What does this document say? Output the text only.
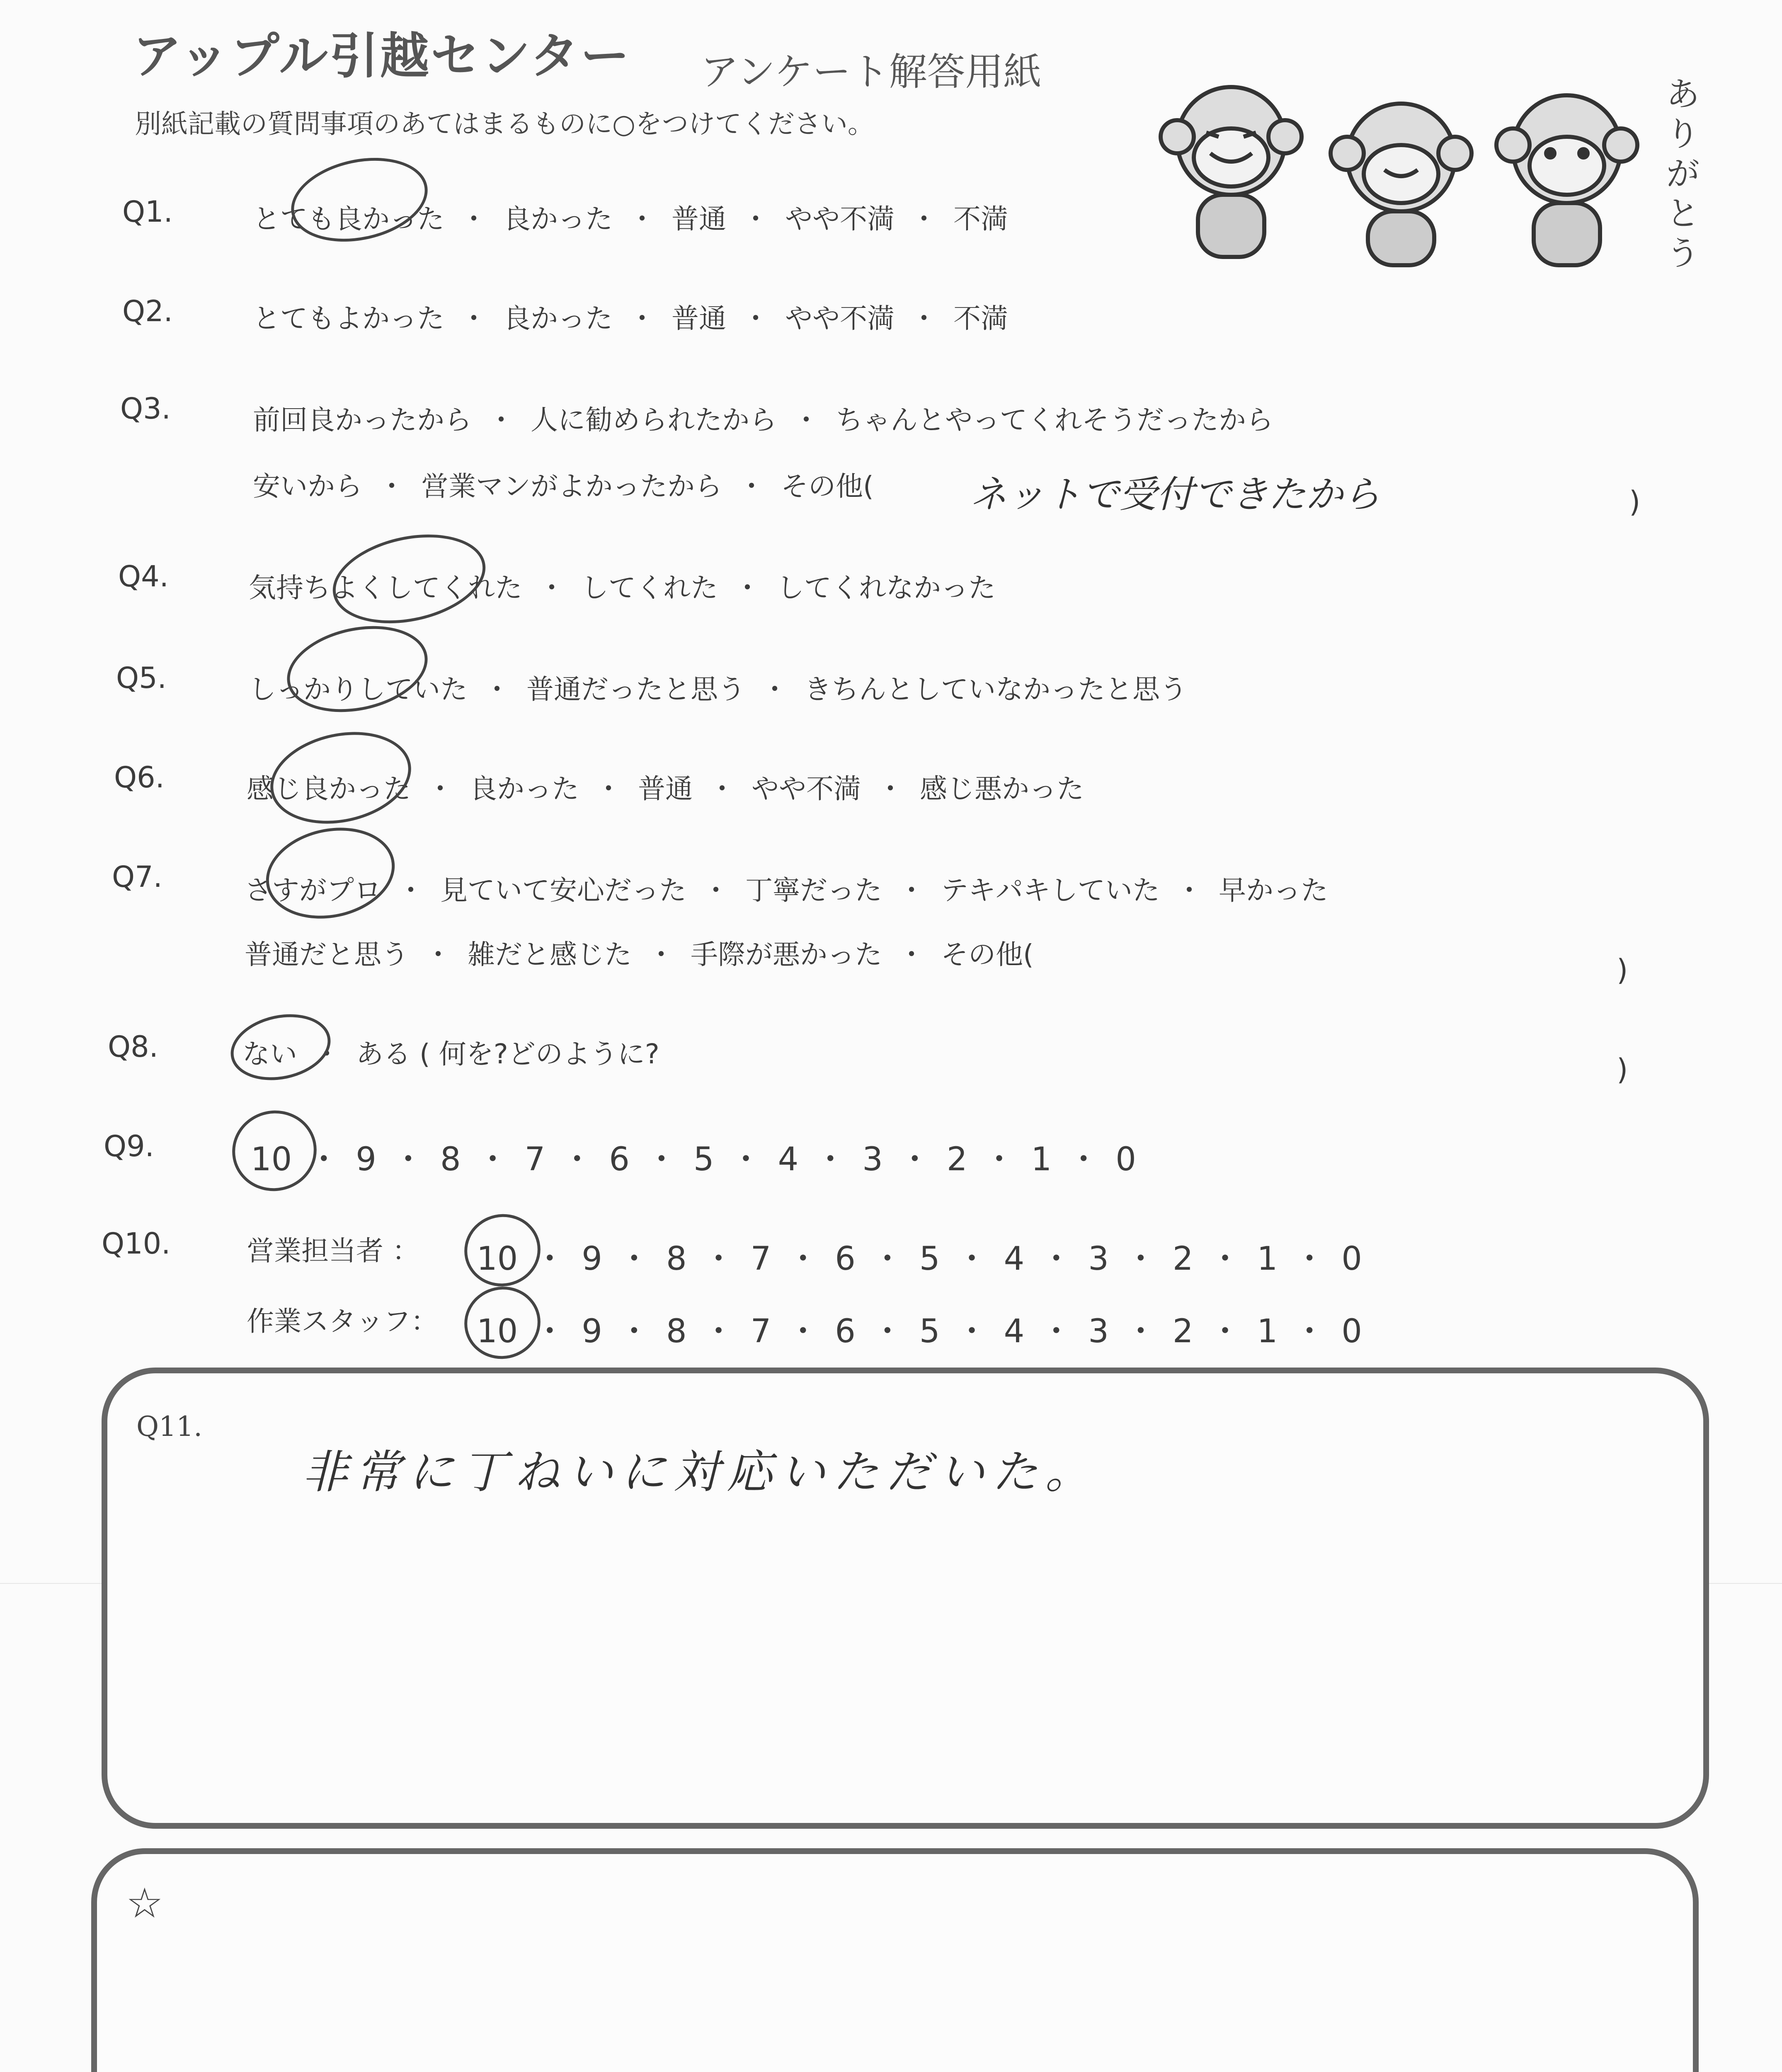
アップル引越センター アンケート解答用紙
別紙記載の質問事項のあてはまるものに○をつけてください。
ありがとう
Q1.	とても良かった ・ 良かった ・ 普通 ・ やや不満 ・ 不満
Q2.	とてもよかった ・ 良かった ・ 普通 ・ やや不満 ・ 不満
Q3.	前回良かったから ・ 人に勧められたから ・ ちゃんとやってくれそうだったから
安いから ・ 営業マンがよかったから ・ その他(	ネットで受付できたから	)
Q4.	気持ちよくしてくれた ・ してくれた ・ してくれなかった
Q5.	しっかりしていた ・ 普通だったと思う ・ きちんとしていなかったと思う
Q6.	感じ良かった ・ 良かった ・ 普通 ・ やや不満 ・ 感じ悪かった
Q7.	さすがプロ ・ 見ていて安心だった ・ 丁寧だった ・ テキパキしていた ・ 早かった
普通だと思う ・ 雑だと感じた ・ 手際が悪かった ・ その他(	)
Q8.	ない ・ ある ( 何を?どのように?	)
Q9.	10 ・ 9 ・ 8 ・ 7 ・ 6 ・ 5 ・ 4 ・ 3 ・ 2 ・ 1 ・ 0
Q10.	営業担当者 ： 10 ・ 9 ・ 8 ・ 7 ・ 6 ・ 5 ・ 4 ・ 3 ・ 2 ・ 1 ・ 0
作業スタッフ： 10 ・ 9 ・ 8 ・ 7 ・ 6 ・ 5 ・ 4 ・ 3 ・ 2 ・ 1 ・ 0
Q11.
非常に丁ねいに対応いただいた。
☆
